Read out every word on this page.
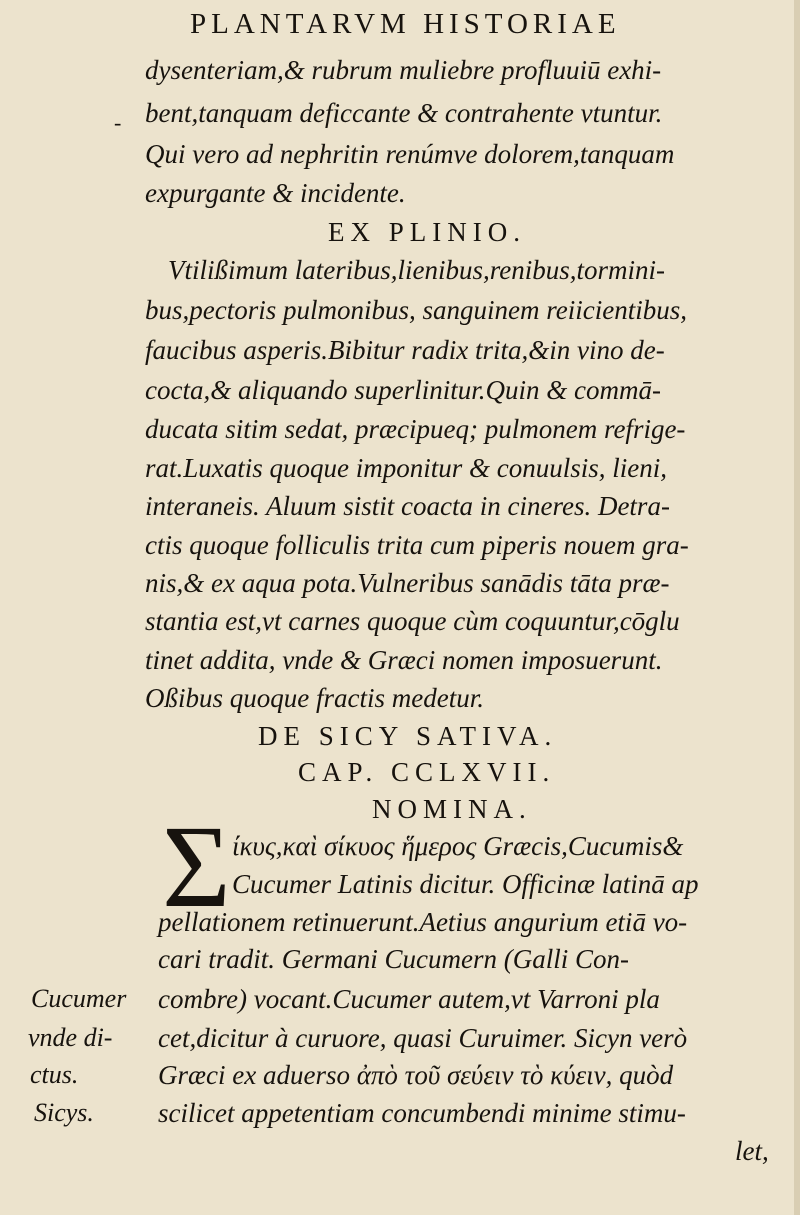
PLANTARVM HISTORIAE
-
dysenteriam,& rubrum muliebre profluuiū exhi-
bent,tanquam deficcante & contrahente vtuntur.
Qui vero ad nephritin renúmve dolorem,tanquam
expurgante & incidente.
EX PLINIO.
Vtilißimum lateribus,lienibus,renibus,tormini-
bus,pectoris pulmonibus, sanguinem reiicientibus,
faucibus asperis.Bibitur radix trita,&in vino de-
cocta,& aliquando superlinitur.Quin & commā-
ducata sitim sedat, præcipueq; pulmonem refrige-
rat.Luxatis quoque imponitur & conuulsis, lieni,
interaneis. Aluum sistit coacta in cineres. Detra-
ctis quoque folliculis trita cum piperis nouem gra-
nis,& ex aqua pota.Vulneribus sanādis tāta præ-
stantia est,vt carnes quoque cùm coquuntur,cōglu
tinet addita, vnde & Græci nomen imposuerunt.
Oßibus quoque fractis medetur.
DE SICY SATIVA.
CAP. CCLXVII.
NOMINA.
Σ ίκυς,καὶ σίκυος ἥμερος Græcis,Cucumis&
Cucumer Latinis dicitur. Officinæ latinā ap
pellationem retinuerunt.Aetius angurium etiā vo-
cari tradit. Germani Cucumern (Galli Con-
combre) vocant.Cucumer autem,vt Varroni pla
cet,dicitur à curuore, quasi Curuimer. Sicyn verò
Græci ex aduerso ἀπὸ τοῦ σεύειν τὸ κύειν, quòd
scilicet appetentiam concumbendi minime stimu-
let,
Cucumer
vnde di-
ctus.
Sicys.
